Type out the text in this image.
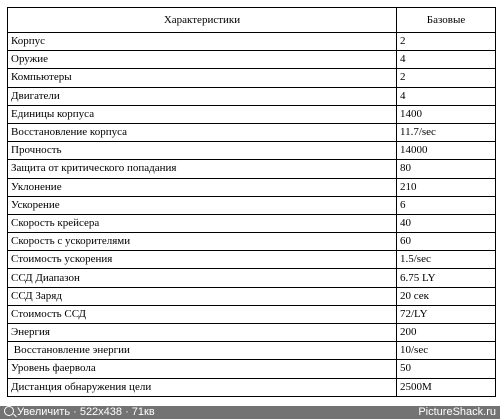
Характеристики	Базовые
Корпус	2
Оружие	4
Компьютеры	2
Двигатели	4
Единицы корпуса	1400
Восстановление корпуса	11.7/sec
Прочность	14000
Защита от критического попадания	80
Уклонение	210
Ускорение	6
Скорость крейсера	40
Скорость с ускорителями	60
Стоимость ускорения	1.5/sec
ССД Диапазон	6.75 LY
ССД Заряд	20 сек
Стоимость ССД	72/LY
Энергия	200
Восстановление энергии	10/sec
Уровень фаервола	50
Дистанция обнаружения цели	2500М
Увеличить · 522x438 · 71кв	PictureShack.ru
